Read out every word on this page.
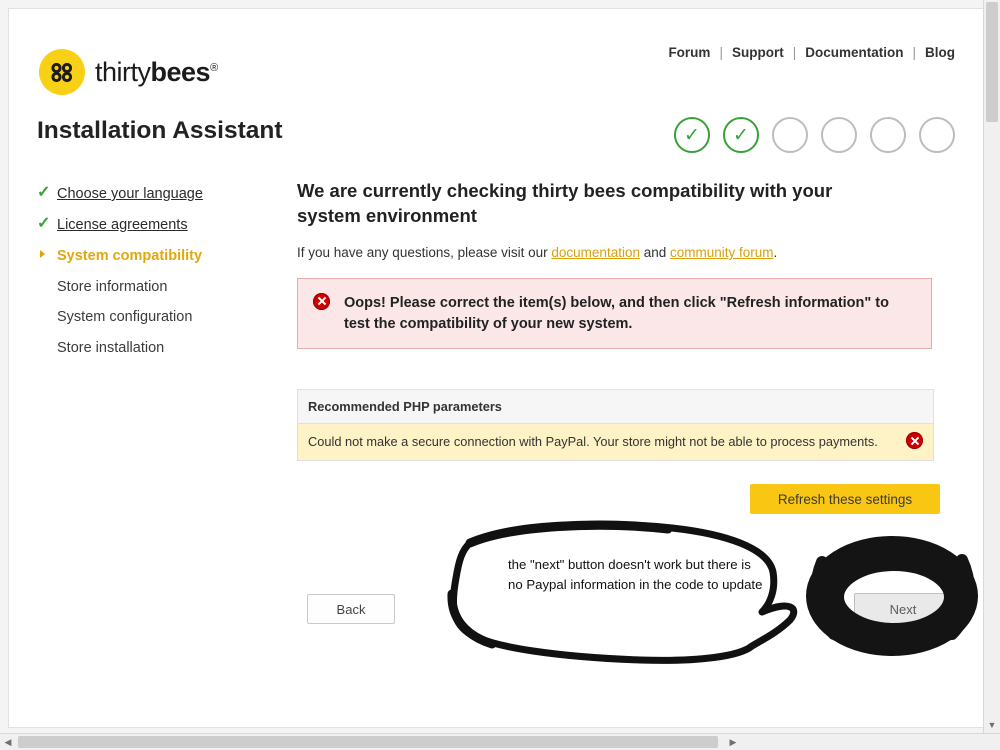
Forum | Support | Documentation | Blog
thirtybees®
Installation Assistant	✓ ✓
✓ Choose your language
✓ License agreements
System compatibility
Store information
System configuration
Store installation
We are currently checking thirty bees compatibility with your system environment

If you have any questions, please visit our documentation and community forum.

Oops! Please correct the item(s) below, and then click "Refresh information" to test the compatibility of your new system.

Recommended PHP parameters
Could not make a secure connection with PayPal. Your store might not be able to process payments.
Refresh these settings
Back	Next
the "next" button doesn't work but there is no Paypal information in the code to update
▼
◀	▶
